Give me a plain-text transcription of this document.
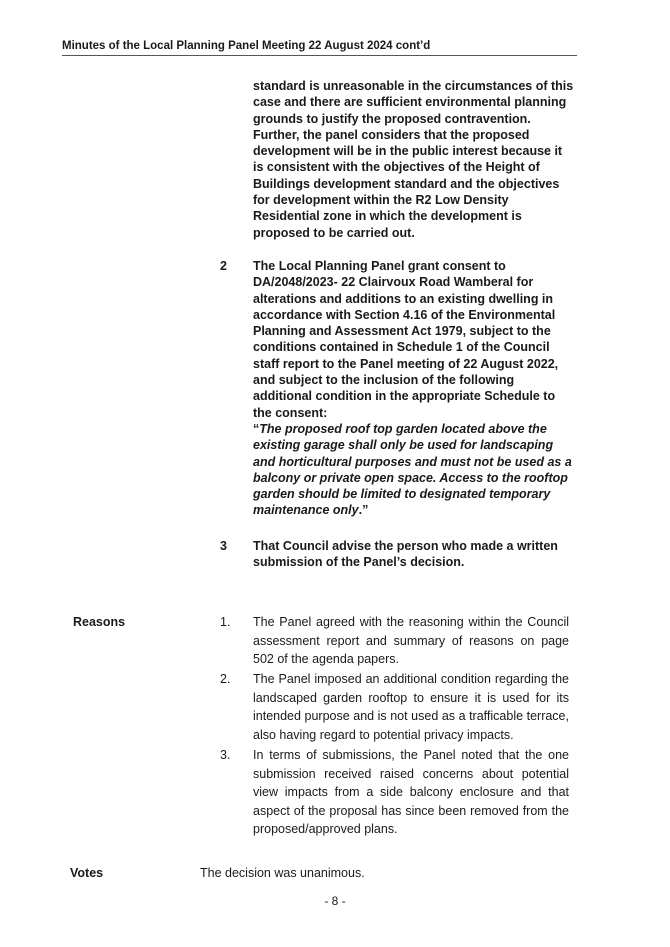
Minutes of the Local Planning Panel Meeting 22 August 2024 cont’d
standard is unreasonable in the circumstances of this case and there are sufficient environmental planning grounds to justify the proposed contravention. Further, the panel considers that the proposed development will be in the public interest because it is consistent with the objectives of the Height of Buildings development standard and the objectives for development within the R2 Low Density Residential zone in which the development is proposed to be carried out.
2 The Local Planning Panel grant consent to DA/2048/2023- 22 Clairvoux Road Wamberal for alterations and additions to an existing dwelling in accordance with Section 4.16 of the Environmental Planning and Assessment Act 1979, subject to the conditions contained in Schedule 1 of the Council staff report to the Panel meeting of 22 August 2022, and subject to the inclusion of the following additional condition in the appropriate Schedule to the consent:
“The proposed roof top garden located above the existing garage shall only be used for landscaping and horticultural purposes and must not be used as a balcony or private open space. Access to the rooftop garden should be limited to designated temporary maintenance only.”
3 That Council advise the person who made a written submission of the Panel’s decision.
Reasons	1. The Panel agreed with the reasoning within the Council assessment report and summary of reasons on page 502 of the agenda papers.
2. The Panel imposed an additional condition regarding the landscaped garden rooftop to ensure it is used for its intended purpose and is not used as a trafficable terrace, also having regard to potential privacy impacts.
3. In terms of submissions, the Panel noted that the one submission received raised concerns about potential view impacts from a side balcony enclosure and that aspect of the proposal has since been removed from the proposed/approved plans.
Votes	The decision was unanimous.
- 8 -
